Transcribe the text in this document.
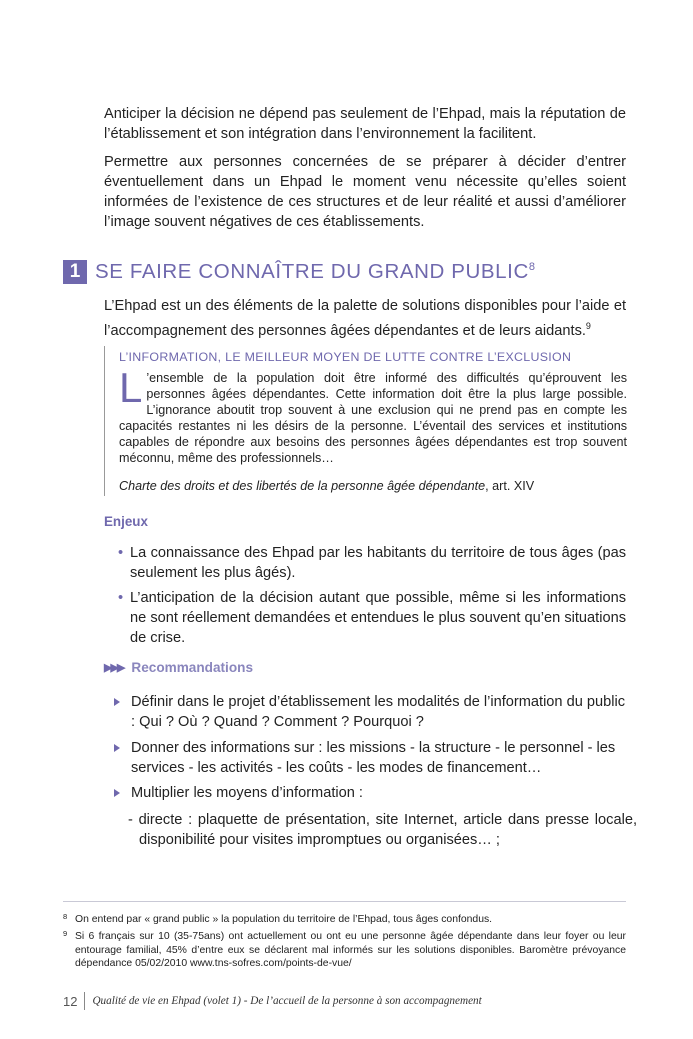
Anticiper la décision ne dépend pas seulement de l’Ehpad, mais la réputation de l’établissement et son intégration dans l’environnement la facilitent.

Permettre aux personnes concernées de se préparer à décider d’entrer éventuellement dans un Ehpad le moment venu nécessite qu’elles soient informées de l’existence de ces structures et de leur réalité et aussi d’améliorer l’image souvent négatives de ces établissements.

1 SE FAIRE CONNAÎTRE DU GRAND PUBLIC$^8$

L’Ehpad est un des éléments de la palette de solutions disponibles pour l’aide et l’accompagnement des personnes âgées dépendantes et de leurs aidants.$^9$

L’INFORMATION, LE MEILLEUR MOYEN DE LUTTE CONTRE L’EXCLUSION
L ’ensemble de la population doit être informé des difficultés qu’éprouvent les personnes âgées dépendantes. Cette information doit être la plus large possible. L’ignorance aboutit trop souvent à une exclusion qui ne prend pas en compte les capacités restantes ni les désirs de la personne. L’éventail des services et institutions capables de répondre aux besoins des personnes âgées dépendantes est trop souvent méconnu, même des professionnels…
Charte des droits et des libertés de la personne âgée dépendante, art. XIV
Enjeux
• La connaissance des Ehpad par les habitants du territoire de tous âges (pas seulement les plus âgés).
• L’anticipation de la décision autant que possible, même si les informations ne sont réellement demandées et entendues le plus souvent qu’en situations de crise.
▶▶▶ Recommandations
Définir dans le projet d’établissement les modalités de l’information du public : Qui ? Où ? Quand ? Comment ? Pourquoi ?
Donner des informations sur : les missions - la structure - le personnel - les services - les activités - les coûts - les modes de financement…
Multiplier les moyens d’information :
- directe : plaquette de présentation, site Internet, article dans presse locale, disponibilité pour visites impromptues ou organisées… ;
8 On entend par « grand public » la population du territoire de l’Ehpad, tous âges confondus.
9 Si 6 français sur 10 (35-75ans) ont actuellement ou ont eu une personne âgée dépendante dans leur foyer ou leur entourage familial, 45% d’entre eux se déclarent mal informés sur les solutions disponibles. Baromètre prévoyance dépendance 05/02/2010 www.tns-sofres.com/points-de-vue/
12 Qualité de vie en Ehpad (volet 1) - De l’accueil de la personne à son accompagnement
